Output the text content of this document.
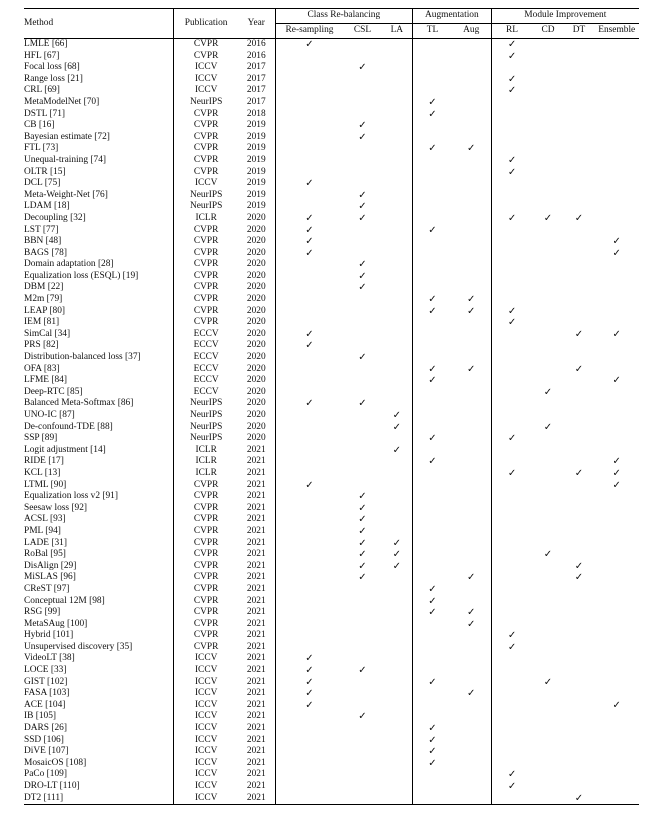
Method	Publication	Year	Class Re-balancing			Augmentation		Module Improvement			
			Re-sampling	CSL	LA	TL	Aug	RL	CD	DT	Ensemble
LMLE [66]	CVPR	2016	✓					✓			
HFL [67]	CVPR	2016						✓			
Focal loss [68]	ICCV	2017		✓							
Range loss [21]	ICCV	2017						✓			
CRL [69]	ICCV	2017						✓			
MetaModelNet [70]	NeurIPS	2017				✓					
DSTL [71]	CVPR	2018				✓					
CB [16]	CVPR	2019		✓							
Bayesian estimate [72]	CVPR	2019		✓							
FTL [73]	CVPR	2019				✓	✓				
Unequal-training [74]	CVPR	2019						✓			
OLTR [15]	CVPR	2019						✓			
DCL [75]	ICCV	2019	✓								
Meta-Weight-Net [76]	NeurIPS	2019		✓							
LDAM [18]	NeurIPS	2019		✓							
Decoupling [32]	ICLR	2020	✓	✓				✓	✓	✓	
LST [77]	CVPR	2020	✓			✓					
BBN [48]	CVPR	2020	✓								✓
BAGS [78]	CVPR	2020	✓								✓
Domain adaptation [28]	CVPR	2020		✓							
Equalization loss (ESQL) [19]	CVPR	2020		✓							
DBM [22]	CVPR	2020		✓							
M2m [79]	CVPR	2020				✓	✓				
LEAP [80]	CVPR	2020				✓	✓	✓			
IEM [81]	CVPR	2020						✓			
SimCal [34]	ECCV	2020	✓							✓	✓
PRS [82]	ECCV	2020	✓								
Distribution-balanced loss [37]	ECCV	2020		✓							
OFA [83]	ECCV	2020				✓	✓			✓	
LFME [84]	ECCV	2020				✓					✓
Deep-RTC [85]	ECCV	2020							✓		
Balanced Meta-Softmax [86]	NeurIPS	2020	✓	✓							
UNO-IC [87]	NeurIPS	2020			✓						
De-confound-TDE [88]	NeurIPS	2020			✓				✓		
SSP [89]	NeurIPS	2020				✓		✓			
Logit adjustment [14]	ICLR	2021			✓						
RIDE [17]	ICLR	2021				✓					✓
KCL [13]	ICLR	2021						✓		✓	✓
LTML [90]	CVPR	2021	✓								✓
Equalization loss v2 [91]	CVPR	2021		✓							
Seesaw loss [92]	CVPR	2021		✓							
ACSL [93]	CVPR	2021		✓							
PML [94]	CVPR	2021		✓							
LADE [31]	CVPR	2021		✓	✓						
RoBal [95]	CVPR	2021		✓	✓				✓		
DisAlign [29]	CVPR	2021		✓	✓					✓	
MiSLAS [96]	CVPR	2021		✓			✓			✓	
CReST [97]	CVPR	2021				✓					
Conceptual 12M [98]	CVPR	2021				✓					
RSG [99]	CVPR	2021				✓	✓				
MetaSAug [100]	CVPR	2021					✓				
Hybrid [101]	CVPR	2021						✓			
Unsupervised discovery [35]	CVPR	2021						✓			
VideoLT [38]	ICCV	2021	✓								
LOCE [33]	ICCV	2021	✓	✓							
GIST [102]	ICCV	2021	✓			✓			✓		
FASA [103]	ICCV	2021	✓				✓				
ACE [104]	ICCV	2021	✓								✓
IB [105]	ICCV	2021		✓							
DARS [26]	ICCV	2021				✓					
SSD [106]	ICCV	2021				✓					
DiVE [107]	ICCV	2021				✓					
MosaicOS [108]	ICCV	2021				✓					
PaCo [109]	ICCV	2021						✓			
DRO-LT [110]	ICCV	2021						✓			
DT2 [111]	ICCV	2021								✓	
